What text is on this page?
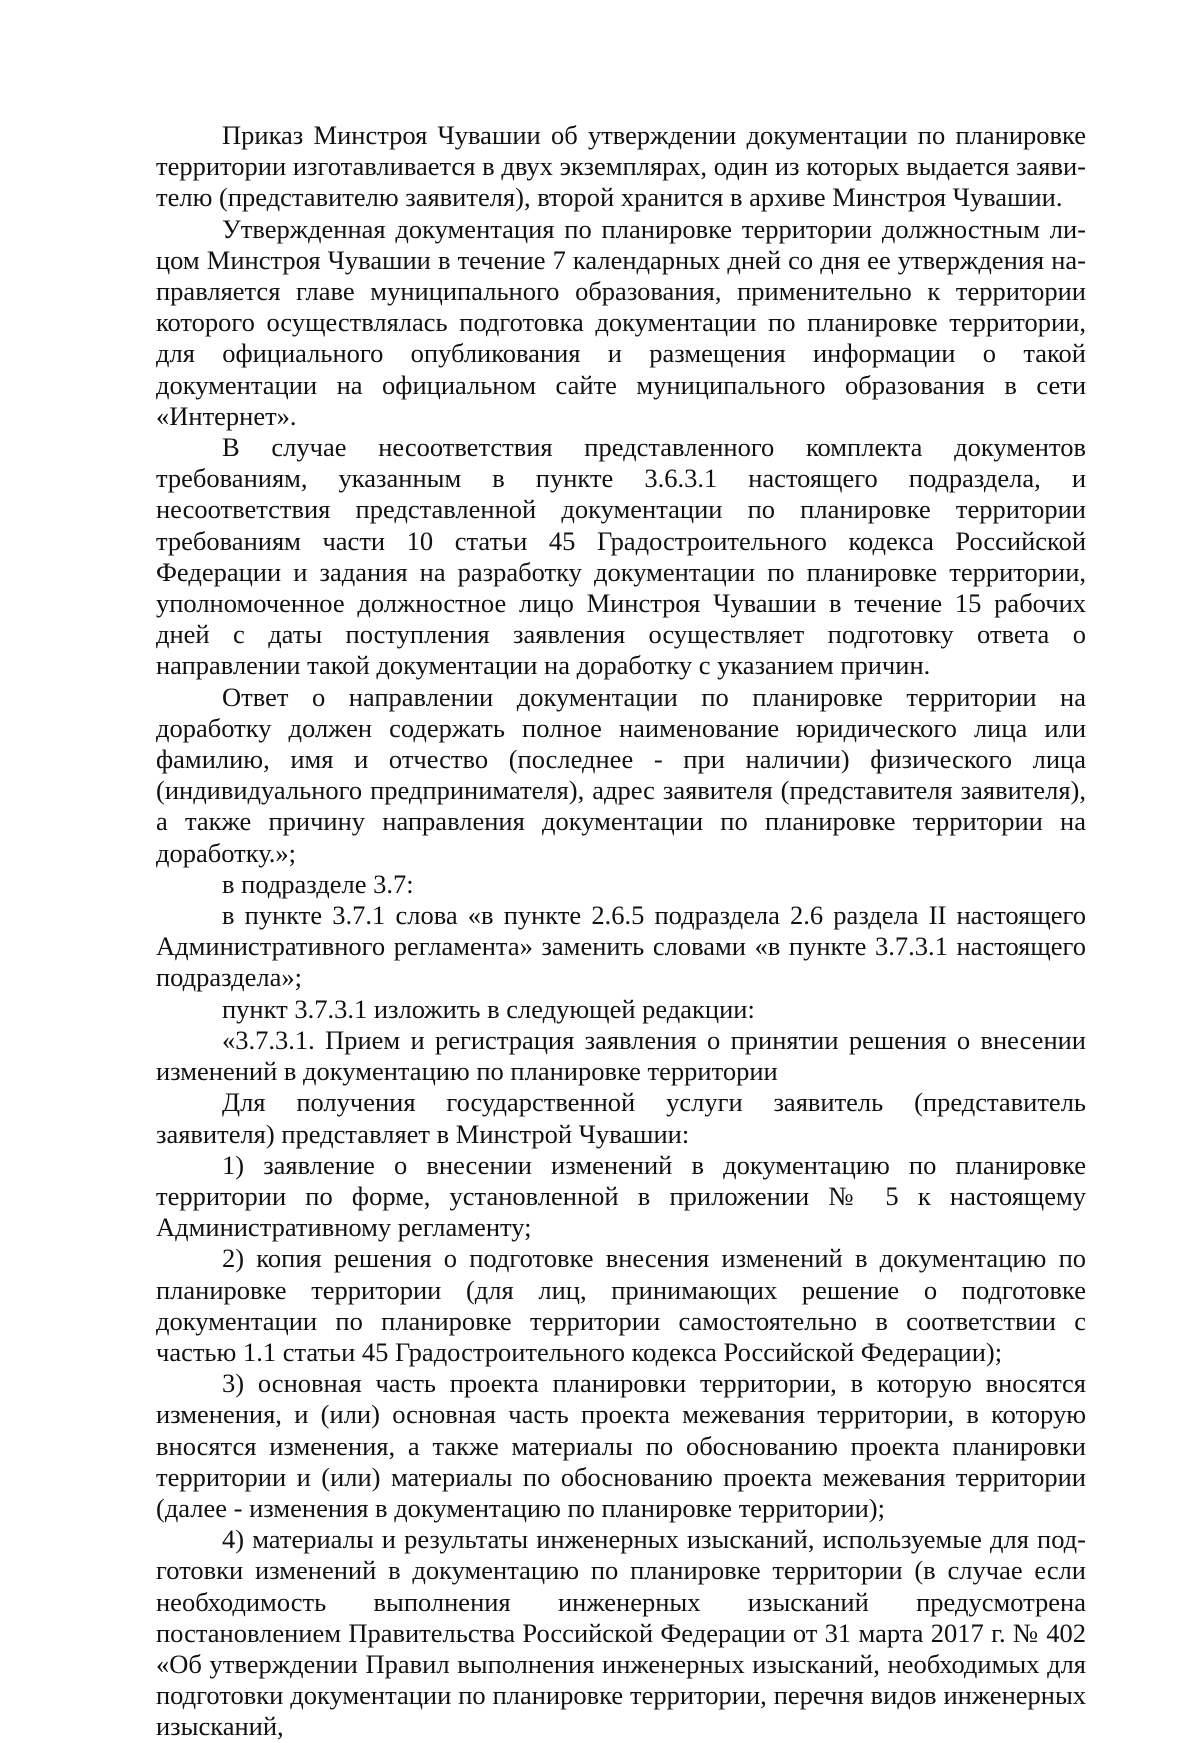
Приказ Минстроя Чувашии об утверждении документации по планировке территории изготавливается в двух экземплярах, один из которых выдается заявителю (представителю заявителя), второй хранится в архиве Минстроя Чувашии.

Утвержденная документация по планировке территории должностным лицом Минстроя Чувашии в течение 7 календарных дней со дня ее утверждения направляется главе муниципального образования, применительно к территории которого осуществлялась подготовка документации по планировке территории, для официального опубликования и размещения информации о такой документации на официальном сайте муниципального образования в сети «Интернет».

В случае несоответствия представленного комплекта документов требованиям, указанным в пункте 3.6.3.1 настоящего подраздела, и несоответствия представленной документации по планировке территории требованиям части 10 статьи 45 Градостроительного кодекса Российской Федерации и задания на разработку документации по планировке территории, уполномоченное должностное лицо Минстроя Чувашии в течение 15 рабочих дней с даты поступления заявления осуществляет подготовку ответа о направлении такой документации на доработку с указанием причин.

Ответ о направлении документации по планировке территории на доработку должен содержать полное наименование юридического лица или фамилию, имя и отчество (последнее - при наличии) физического лица (индивидуального предпринимателя), адрес заявителя (представителя заявителя), а также причину направления документации по планировке территории на доработку.»;

в подразделе 3.7:

в пункте 3.7.1 слова «в пункте 2.6.5 подраздела 2.6 раздела II настоящего Административного регламента» заменить словами «в пункте 3.7.3.1 настоящего подраздела»;

пункт 3.7.3.1 изложить в следующей редакции:

«3.7.3.1. Прием и регистрация заявления о принятии решения о внесении изменений в документацию по планировке территории

Для получения государственной услуги заявитель (представитель заявителя) представляет в Минстрой Чувашии:

1) заявление о внесении изменений в документацию по планировке территории по форме, установленной в приложении № 5 к настоящему Административному регламенту;

2) копия решения о подготовке внесения изменений в документацию по планировке территории (для лиц, принимающих решение о подготовке документации по планировке территории самостоятельно в соответствии с частью 1.1 статьи 45 Градостроительного кодекса Российской Федерации);

3) основная часть проекта планировки территории, в которую вносятся изменения, и (или) основная часть проекта межевания территории, в которую вносятся изменения, а также материалы по обоснованию проекта планировки территории и (или) материалы по обоснованию проекта межевания территории (далее - изменения в документацию по планировке территории);

4) материалы и результаты инженерных изысканий, используемые для подготовки изменений в документацию по планировке территории (в случае если необходимость выполнения инженерных изысканий предусмотрена постановлением Правительства Российской Федерации от 31 марта 2017 г. № 402 «Об утверждении Правил выполнения инженерных изысканий, необходимых для подготовки документации по планировке территории, перечня видов инженерных изысканий,
